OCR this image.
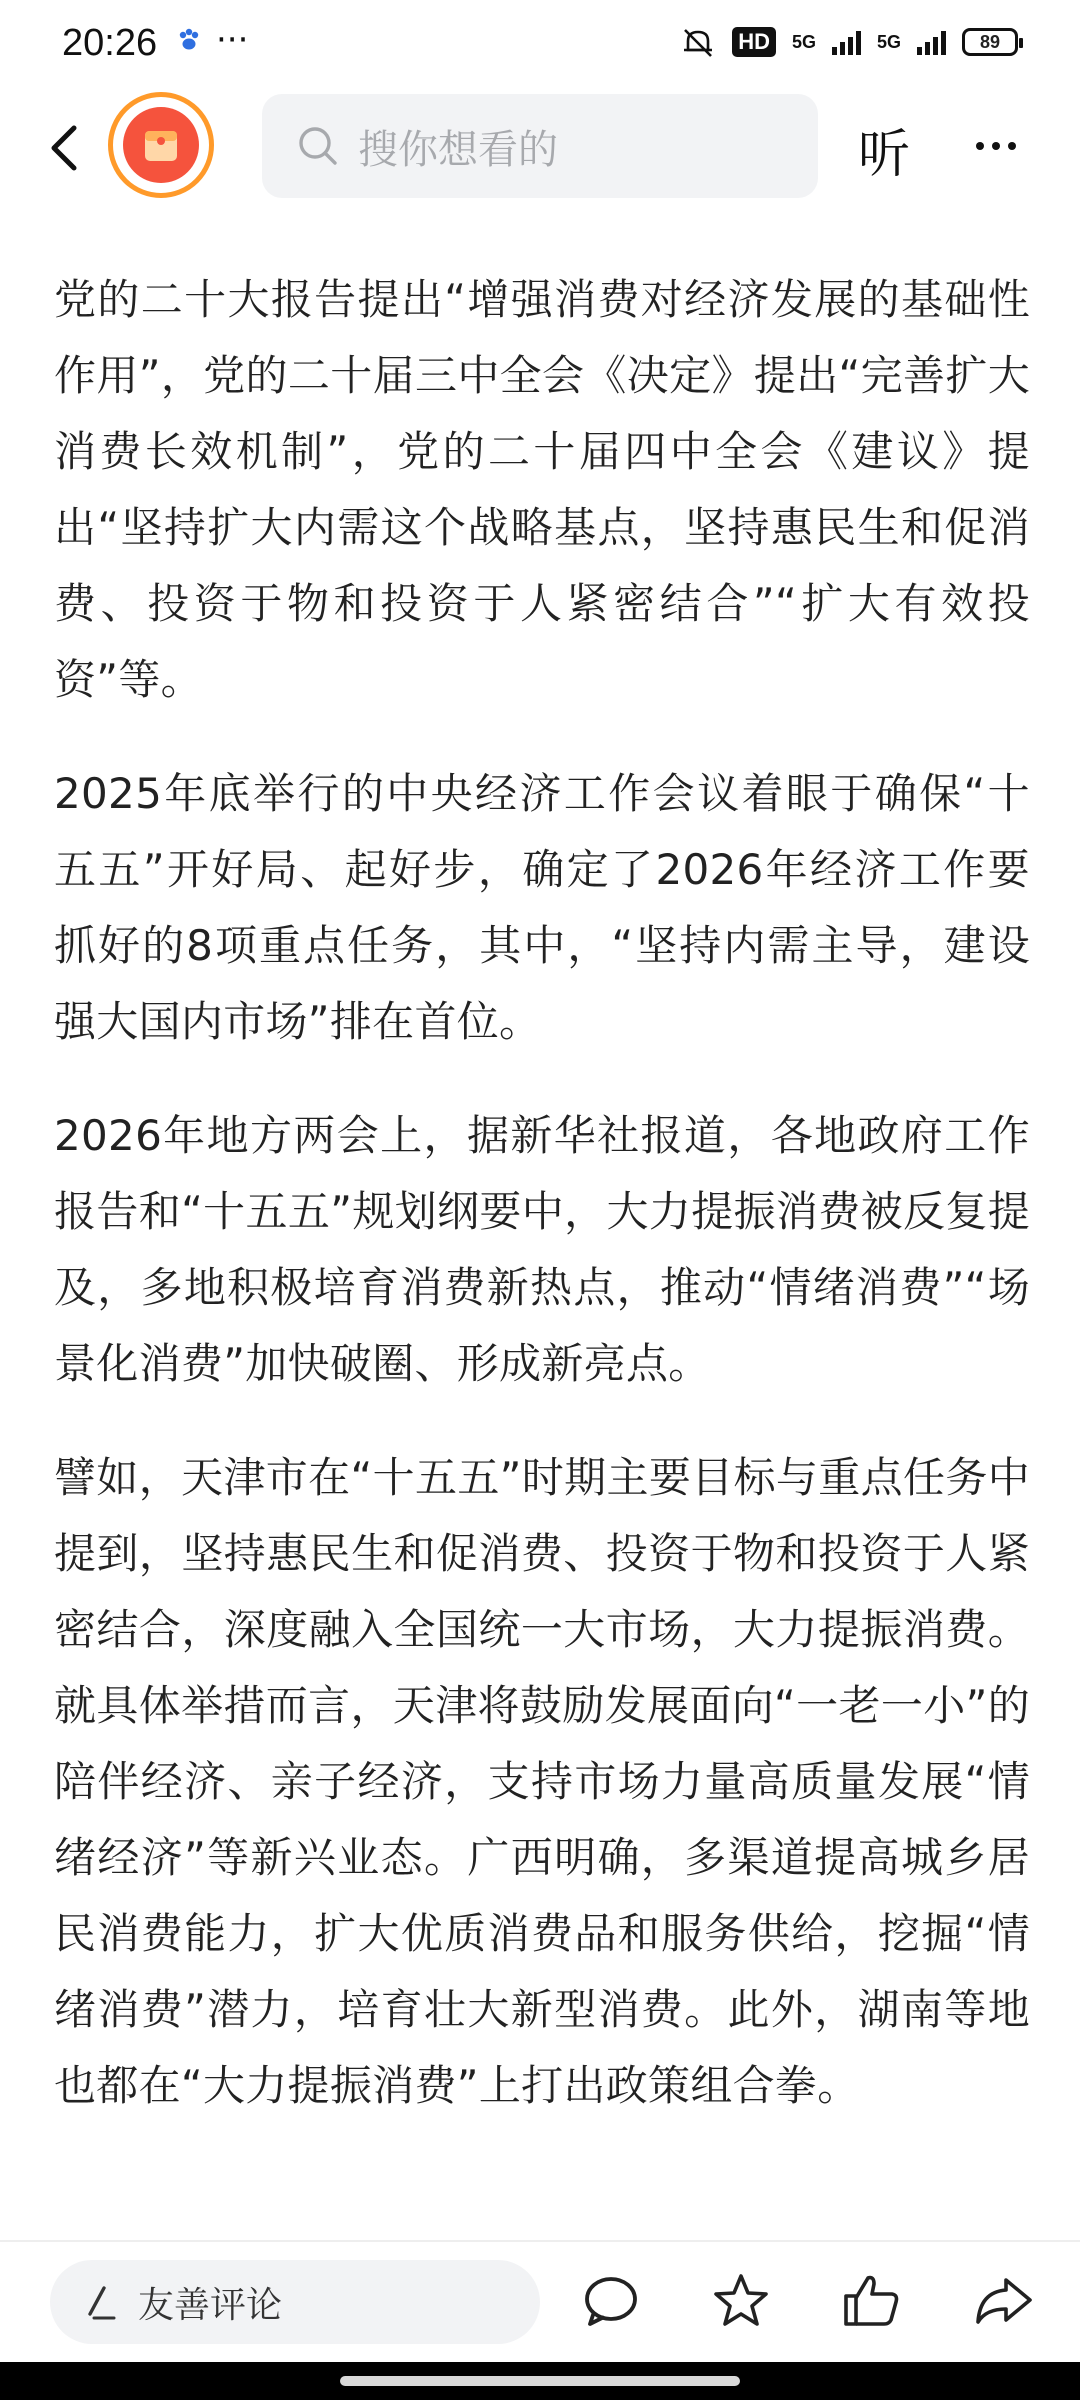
20:26 ···	HD	5G	5G	89
搜你想看的	听

党的二十大报告提出“增强消费对经济发展的基础性作用”，党的二十届三中全会《决定》提出“完善扩大消费长效机制”，党的二十届四中全会《建议》提出“坚持扩大内需这个战略基点，坚持惠民生和促消费、投资于物和投资于人紧密结合”“扩大有效投资”等。

2025年底举行的中央经济工作会议着眼于确保“十五五”开好局、起好步，确定了2026年经济工作要抓好的8项重点任务，其中，“坚持内需主导，建设强大国内市场”排在首位。

2026年地方两会上，据新华社报道，各地政府工作报告和“十五五”规划纲要中，大力提振消费被反复提及，多地积极培育消费新热点，推动“情绪消费”“场景化消费”加快破圈、形成新亮点。

譬如，天津市在“十五五”时期主要目标与重点任务中提到，坚持惠民生和促消费、投资于物和投资于人紧密结合，深度融入全国统一大市场，大力提振消费。就具体举措而言，天津将鼓励发展面向“一老一小”的陪伴经济、亲子经济，支持市场力量高质量发展“情绪经济”等新兴业态。广西明确，多渠道提高城乡居民消费能力，扩大优质消费品和服务供给，挖掘“情绪消费”潜力，培育壮大新型消费。此外，湖南等地也都在“大力提振消费”上打出政策组合拳。

友善评论
